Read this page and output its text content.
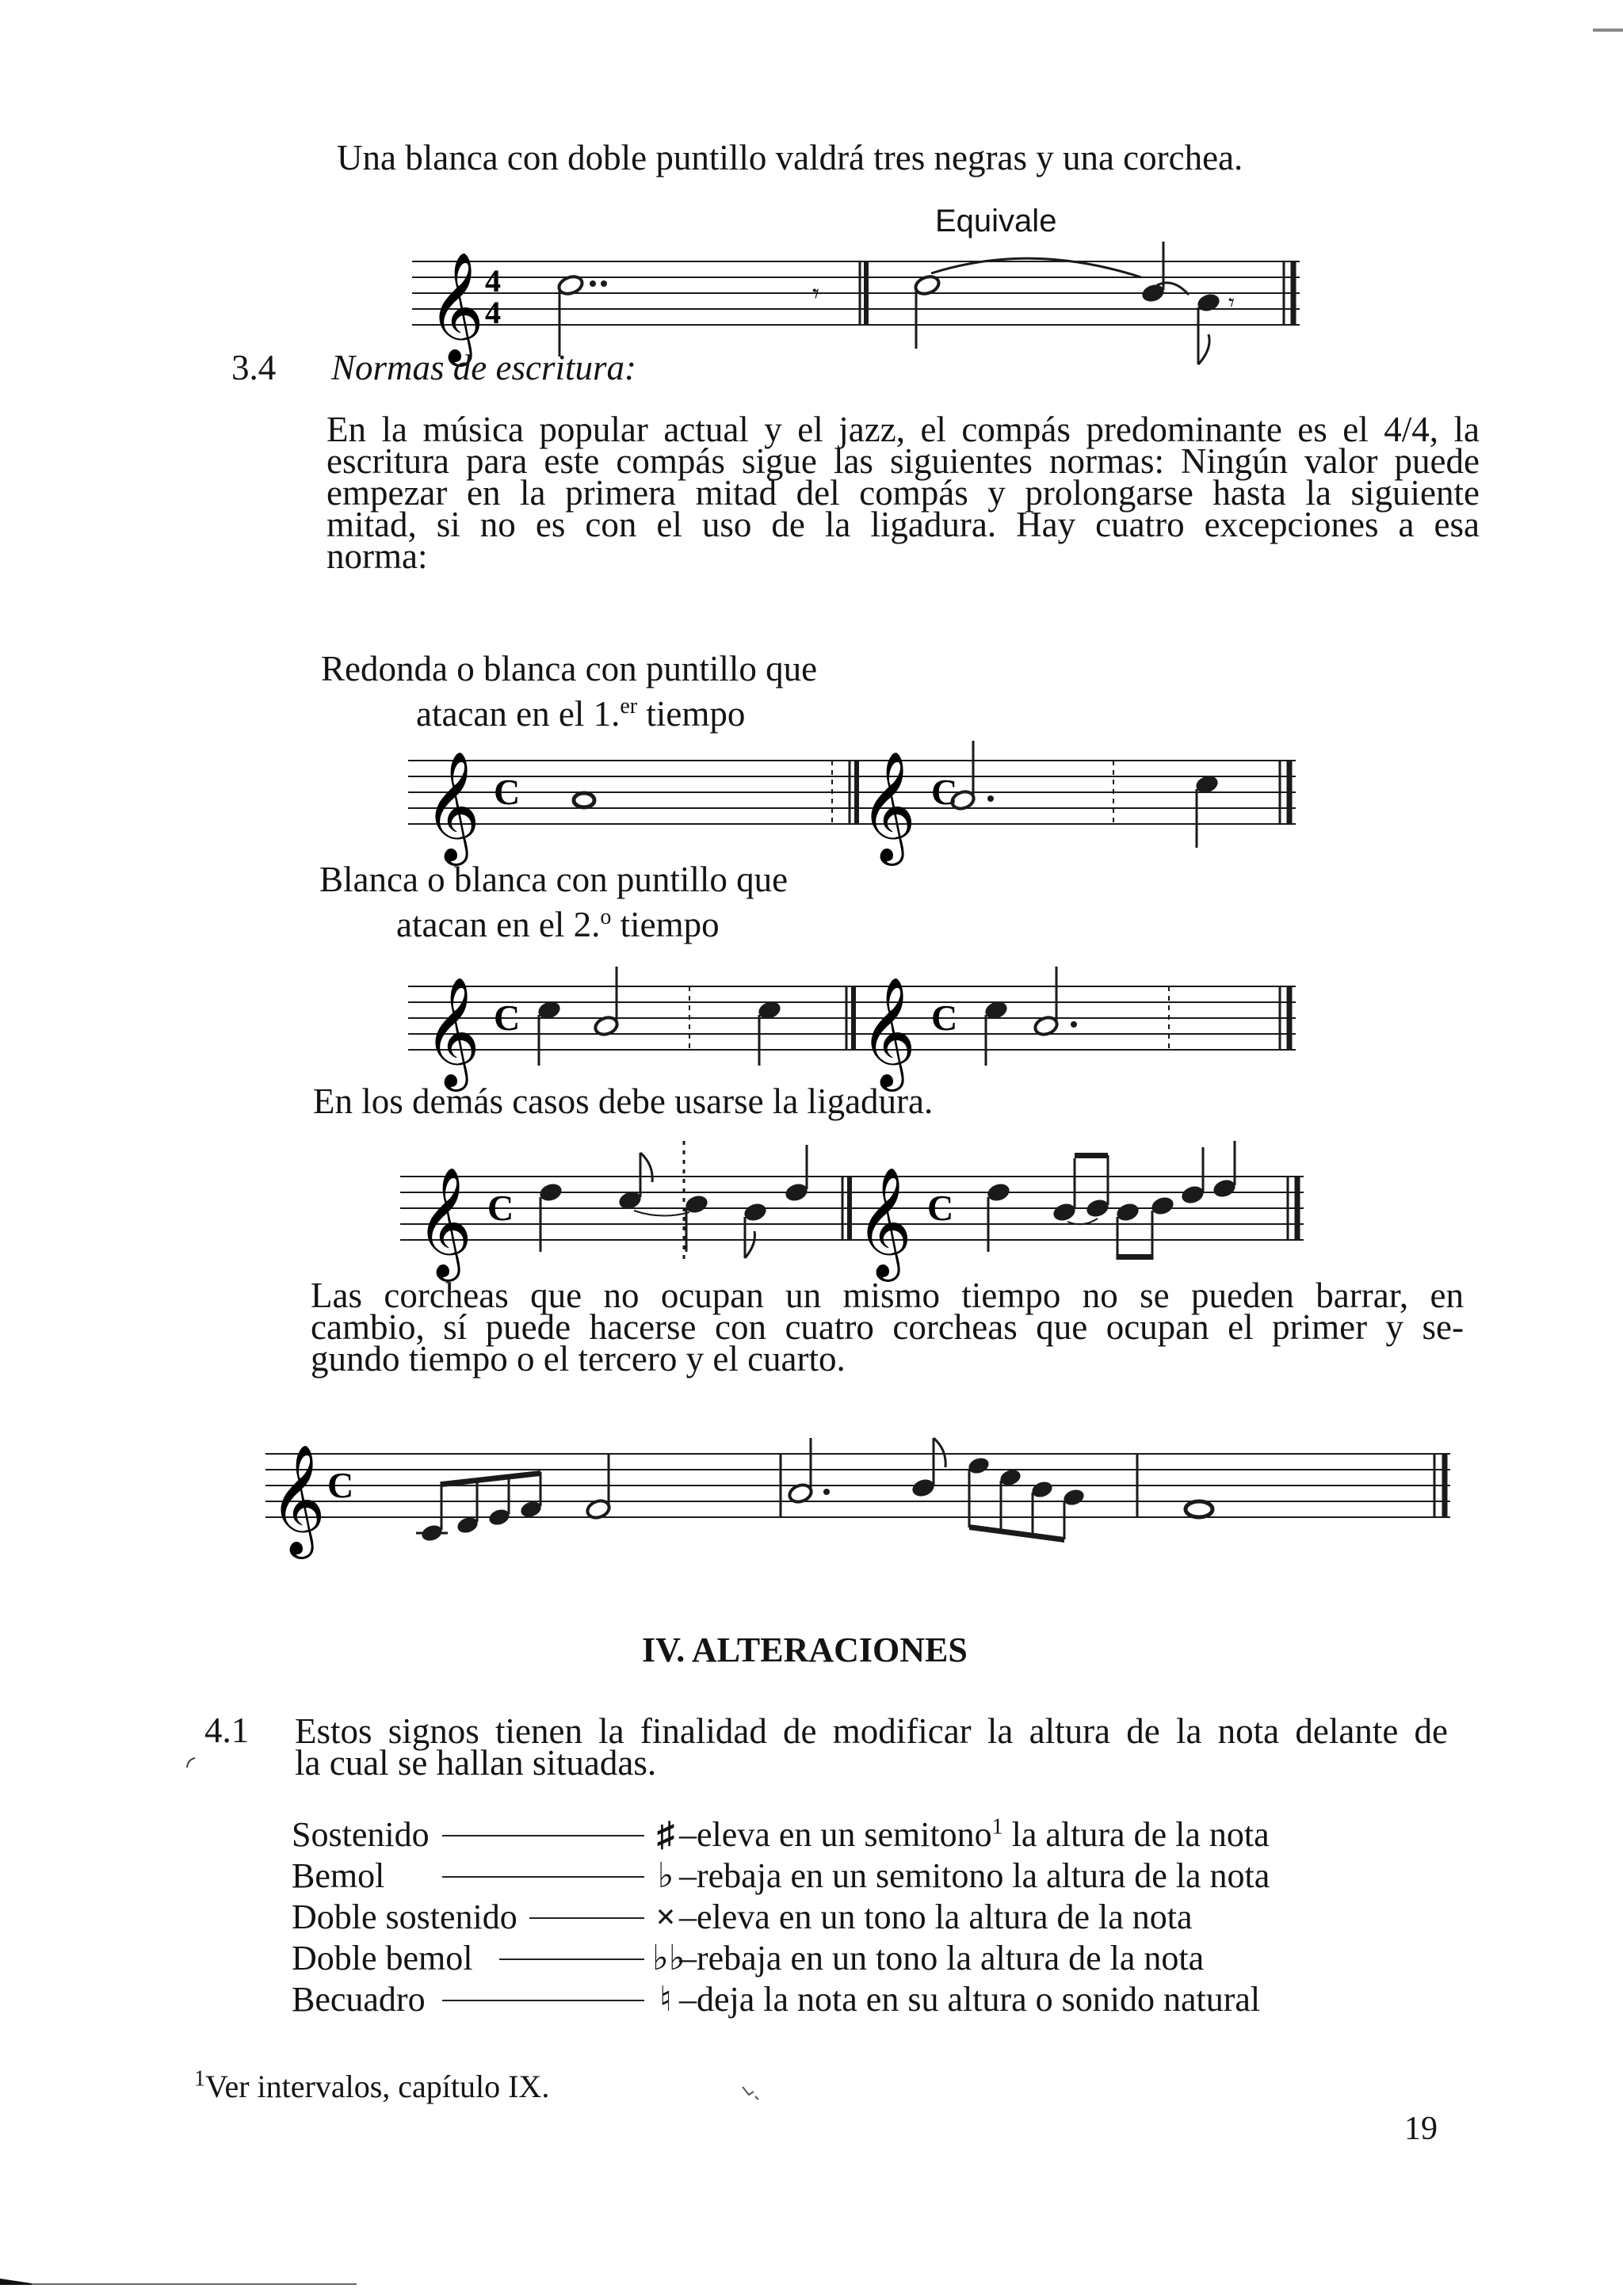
Una blanca con doble puntillo valdrá tres negras y una corchea.
Equivale
𝄞 4
4
𝄾	𝄾
3.4 Normas de escritura:
En la música popular actual y el jazz, el compás predominante es el 4/4, la
escritura para este compás sigue las siguientes normas: Ningún valor puede
empezar en la primera mitad del compás y prolongarse hasta la siguiente
mitad, si no es con el uso de la ligadura. Hay cuatro excepciones a esa
norma:
Redonda o blanca con puntillo que
atacan en el 1.$^{er}$ tiempo
𝄞 C	𝄞 C
Blanca o blanca con puntillo que
atacan en el 2.$^o$ tiempo
𝄞 C	𝄞 C
En los demás casos debe usarse la ligadura.
𝄞 C	𝄞 C
Las corcheas que no ocupan un mismo tiempo no se pueden barrar, en
cambio, sí puede hacerse con cuatro corcheas que ocupan el primer y se-
gundo tiempo o el tercero y el cuarto.
𝄞 C
IV. ALTERACIONES
4.1 Estos signos tienen la finalidad de modificar la altura de la nota delante de
la cual se hallan situadas.
Sostenido	♯ –eleva en un semitono$^1$ la altura de la nota
Bemol	♭ –rebaja en un semitono la altura de la nota
Doble sostenido	× –eleva en un tono la altura de la nota
Doble bemol	♭♭–rebaja en un tono la altura de la nota
Becuadro	♮ –deja la nota en su altura o sonido natural
$^1$Ver intervalos, capítulo IX.
19
